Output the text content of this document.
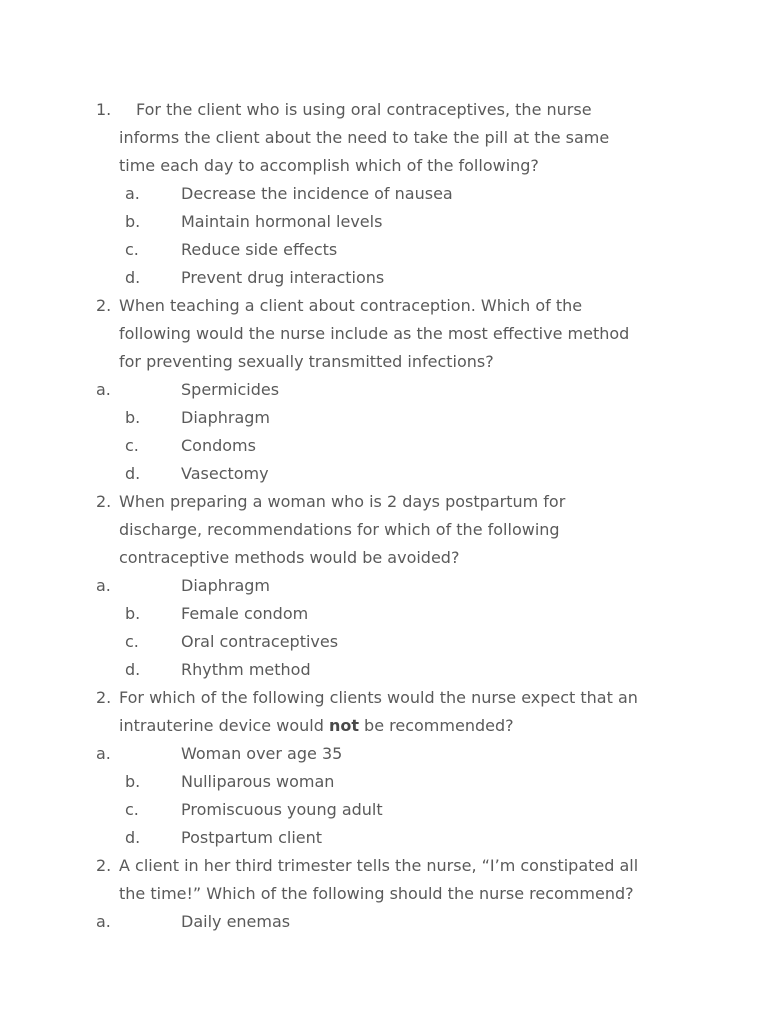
1. For the client who is using oral contraceptives, the nurse
informs the client about the need to take the pill at the same
time each day to accomplish which of the following?
a.	Decrease the incidence of nausea
b.	Maintain hormonal levels
c.	Reduce side effects
d.	Prevent drug interactions
2. When teaching a client about contraception. Which of the
following would the nurse include as the most effective method
for preventing sexually transmitted infections?
a.	Spermicides
b.	Diaphragm
c.	Condoms
d.	Vasectomy
2. When preparing a woman who is 2 days postpartum for
discharge, recommendations for which of the following
contraceptive methods would be avoided?
a.	Diaphragm
b.	Female condom
c.	Oral contraceptives
d.	Rhythm method
2. For which of the following clients would the nurse expect that an
intrauterine device would not be recommended?
a.	Woman over age 35
b.	Nulliparous woman
c.	Promiscuous young adult
d.	Postpartum client
2. A client in her third trimester tells the nurse, “I’m constipated all
the time!” Which of the following should the nurse recommend?
a.	Daily enemas
